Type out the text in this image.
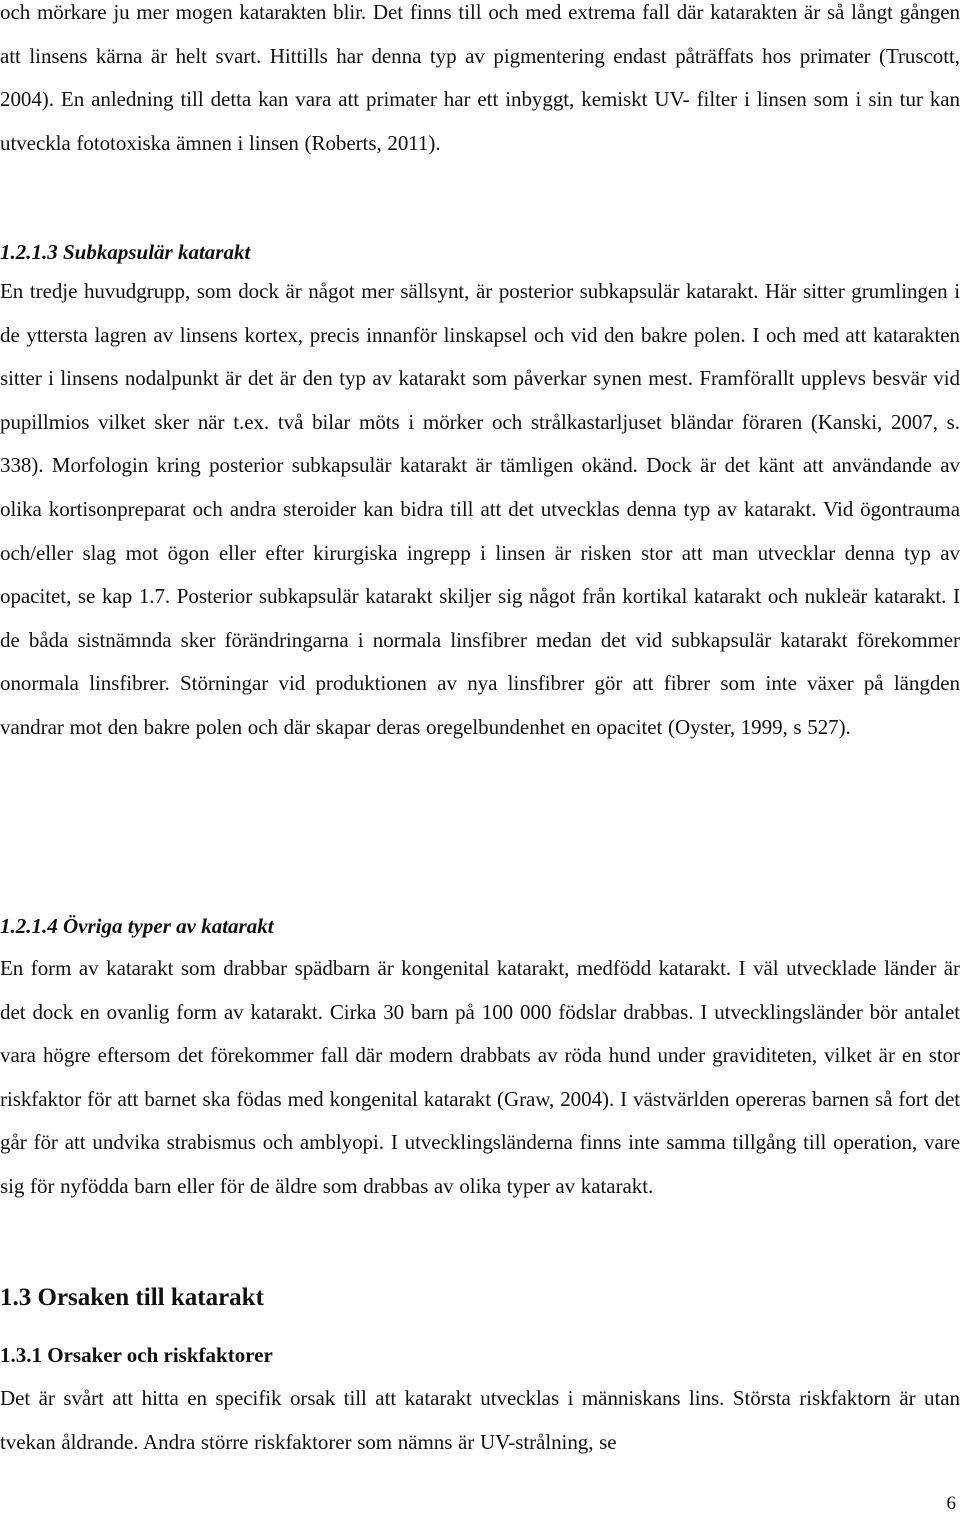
och mörkare ju mer mogen katarakten blir. Det finns till och med extrema fall där katarakten är så långt gången att linsens kärna är helt svart. Hittills har denna typ av pigmentering endast påträffats hos primater (Truscott, 2004). En anledning till detta kan vara att primater har ett inbyggt, kemiskt UV- filter i linsen som i sin tur kan utveckla fototoxiska ämnen i linsen (Roberts, 2011).

1.2.1.3 Subkapsulär katarakt

En tredje huvudgrupp, som dock är något mer sällsynt, är posterior subkapsulär katarakt. Här sitter grumlingen i de yttersta lagren av linsens kortex, precis innanför linskapsel och vid den bakre polen. I och med att katarakten sitter i linsens nodalpunkt är det är den typ av katarakt som påverkar synen mest. Framförallt upplevs besvär vid pupillmios vilket sker när t.ex. två bilar möts i mörker och strålkastarljuset bländar föraren (Kanski, 2007, s. 338). Morfologin kring posterior subkapsulär katarakt är tämligen okänd. Dock är det känt att användande av olika kortisonpreparat och andra steroider kan bidra till att det utvecklas denna typ av katarakt. Vid ögontrauma och/eller slag mot ögon eller efter kirurgiska ingrepp i linsen är risken stor att man utvecklar denna typ av opacitet, se kap 1.7. Posterior subkapsulär katarakt skiljer sig något från kortikal katarakt och nukleär katarakt. I de båda sistnämnda sker förändringarna i normala linsfibrer medan det vid subkapsulär katarakt förekommer onormala linsfibrer. Störningar vid produktionen av nya linsfibrer gör att fibrer som inte växer på längden vandrar mot den bakre polen och där skapar deras oregelbundenhet en opacitet (Oyster, 1999, s 527).

1.2.1.4 Övriga typer av katarakt

En form av katarakt som drabbar spädbarn är kongenital katarakt, medfödd katarakt. I väl utvecklade länder är det dock en ovanlig form av katarakt. Cirka 30 barn på 100 000 födslar drabbas. I utvecklingsländer bör antalet vara högre eftersom det förekommer fall där modern drabbats av röda hund under graviditeten, vilket är en stor riskfaktor för att barnet ska födas med kongenital katarakt (Graw, 2004). I västvärlden opereras barnen så fort det går för att undvika strabismus och amblyopi. I utvecklingsländerna finns inte samma tillgång till operation, vare sig för nyfödda barn eller för de äldre som drabbas av olika typer av katarakt.

1.3 Orsaken till katarakt
1.3.1 Orsaker och riskfaktorer

Det är svårt att hitta en specifik orsak till att katarakt utvecklas i människans lins. Största riskfaktorn är utan tvekan åldrande. Andra större riskfaktorer som nämns är UV-strålning, se

6
